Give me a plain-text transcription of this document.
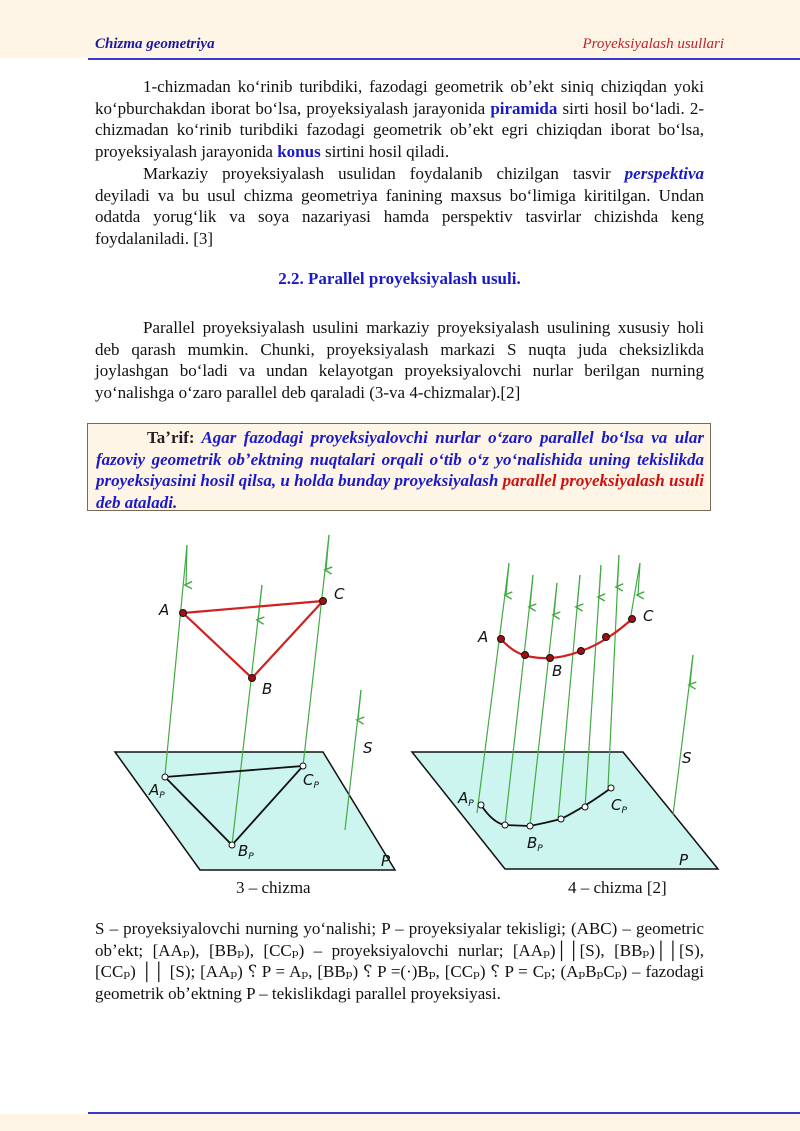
Chizma geometriya	Proyeksiyalash usullari

1-chizmadan koʻrinib turibdiki, fazodagi geometrik obʼekt siniq chiziqdan yoki koʻpburchakdan iborat boʻlsa, proyeksiyalash jarayonida piramida sirti hosil boʻladi. 2-chizmadan koʻrinib turibdiki fazodagi geometrik obʼekt egri chiziqdan iborat boʻlsa, proyeksiyalash jarayonida konus sirtini hosil qiladi.

Markaziy proyeksiyalash usulidan foydalanib chizilgan tasvir perspektiva deyiladi va bu usul chizma geometriya fanining maxsus boʻlimiga kiritilgan. Undan odatda yorugʻlik va soya nazariyasi hamda perspektiv tasvirlar chizishda keng foydalaniladi. [3]

2.2. Parallel proyeksiyalash usuli.

Parallel proyeksiyalash usulini markaziy proyeksiyalash usulining xususiy holi deb qarash mumkin. Chunki, proyeksiyalash markazi S nuqta juda cheksizlikda joylashgan boʻladi va undan kelayotgan proyeksiyalovchi nurlar berilgan nurning yoʻnalishga oʻzaro parallel deb qaraladi (3-va 4-chizmalar).[2]

Taʼrif: Agar fazodagi proyeksiyalovchi nurlar oʻzaro parallel boʻlsa va ular fazoviy geometrik obʼektning nuqtalari orqali oʻtib oʻz yoʻnalishida uning tekislikda proyeksiyasini hosil qilsa, u holda bunday proyeksiyalash parallel proyeksiyalash usuli deb ataladi.
A
C
B
S
P
$A_P$
$C_P$
$B_P$
3 – chizma
A
C
B
S
P
$A_P$	$C_P$
$B_P$
4 – chizma [2]
S – proyeksiyalovchi nurning yoʻnalishi; P – proyeksiyalar tekisligi; (ABC) – geometric obʼekt; [AAₚ), [BBₚ), [CCₚ) – proyeksiyalovchi nurlar; [AAₚ)││[S), [BBₚ)││[S), [CCₚ) ││ [S); [AAₚ) ⸮ P = Aₚ, [BBₚ) ⸮ P =(·)Bₚ, [CCₚ) ⸮ P = Cₚ; (AₚBₚCₚ) – fazodagi geometrik obʼektning P – tekislikdagi parallel proyeksiyasi.
